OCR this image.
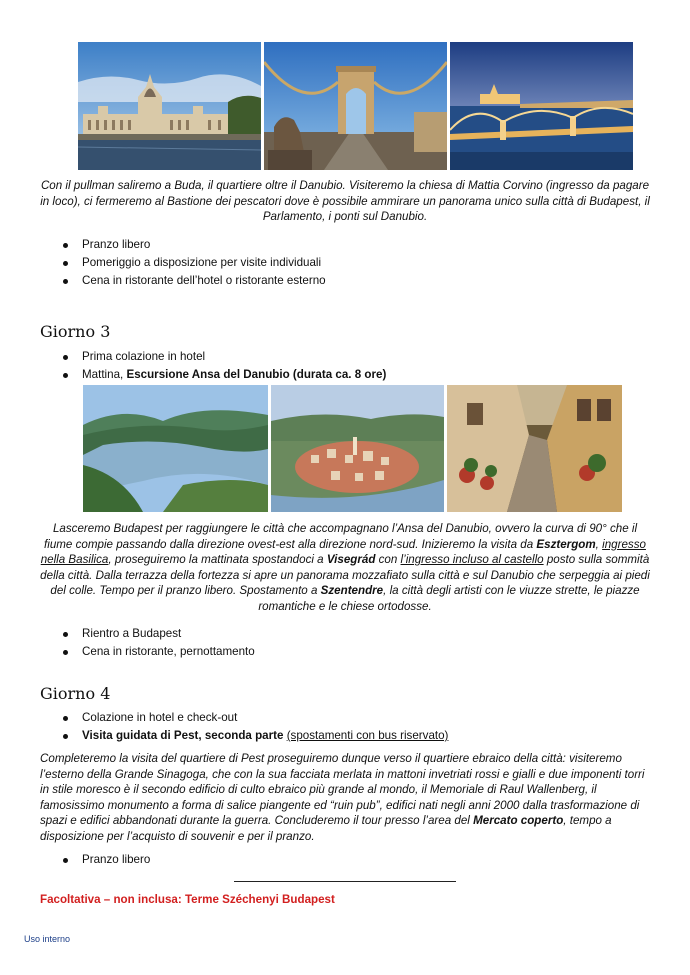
Con il pullman saliremo a Buda, il quartiere oltre il Danubio. Visiteremo la chiesa di Mattia Corvino (ingresso da pagare in loco), ci fermeremo al Bastione dei pescatori dove è possibile ammirare un panorama unico sulla città di Budapest, il Parlamento, i ponti sul Danubio.

Pranzo libero
Pomeriggio a disposizione per visite individuali
Cena in ristorante dell’hotel o ristorante esterno
Giorno 3
Prima colazione in hotel
Mattina, Escursione Ansa del Danubio (durata ca. 8 ore)

Lasceremo Budapest per raggiungere le città che accompagnano l’Ansa del Danubio, ovvero la curva di 90° che il fiume compie passando dalla direzione ovest-est alla direzione nord-sud. Inizieremo la visita da Esztergom, ingresso nella Basilica, proseguiremo la mattinata spostandoci a Visegrád con l’ingresso incluso al castello posto sulla sommità della città. Dalla terrazza della fortezza si apre un panorama mozzafiato sulla città e sul Danubio che serpeggia ai piedi del colle. Tempo per il pranzo libero. Spostamento a Szentendre, la città degli artisti con le viuzze strette, le piazze romantiche e le chiese ortodosse.

Rientro a Budapest
Cena in ristorante, pernottamento
Giorno 4
Colazione in hotel e check-out
Visita guidata di Pest, seconda parte (spostamenti con bus riservato)

Completeremo la visita del quartiere di Pest proseguiremo dunque verso il quartiere ebraico della città: visiteremo l’esterno della Grande Sinagoga, che con la sua facciata merlata in mattoni invetriati rossi e gialli e due imponenti torri in stile moresco è il secondo edificio di culto ebraico più grande al mondo, il Memoriale di Raul Wallenberg, il famosissimo monumento a forma di salice piangente ed “ruin pub”, edifici nati negli anni 2000 dalla trasformazione di spazi e edifici abbandonati durante la guerra. Concluderemo il tour presso l’area del Mercato coperto, tempo a disposizione per l’acquisto di souvenir e per il pranzo.

Pranzo libero
Facoltativa – non inclusa: Terme Széchenyi Budapest
Uso interno
